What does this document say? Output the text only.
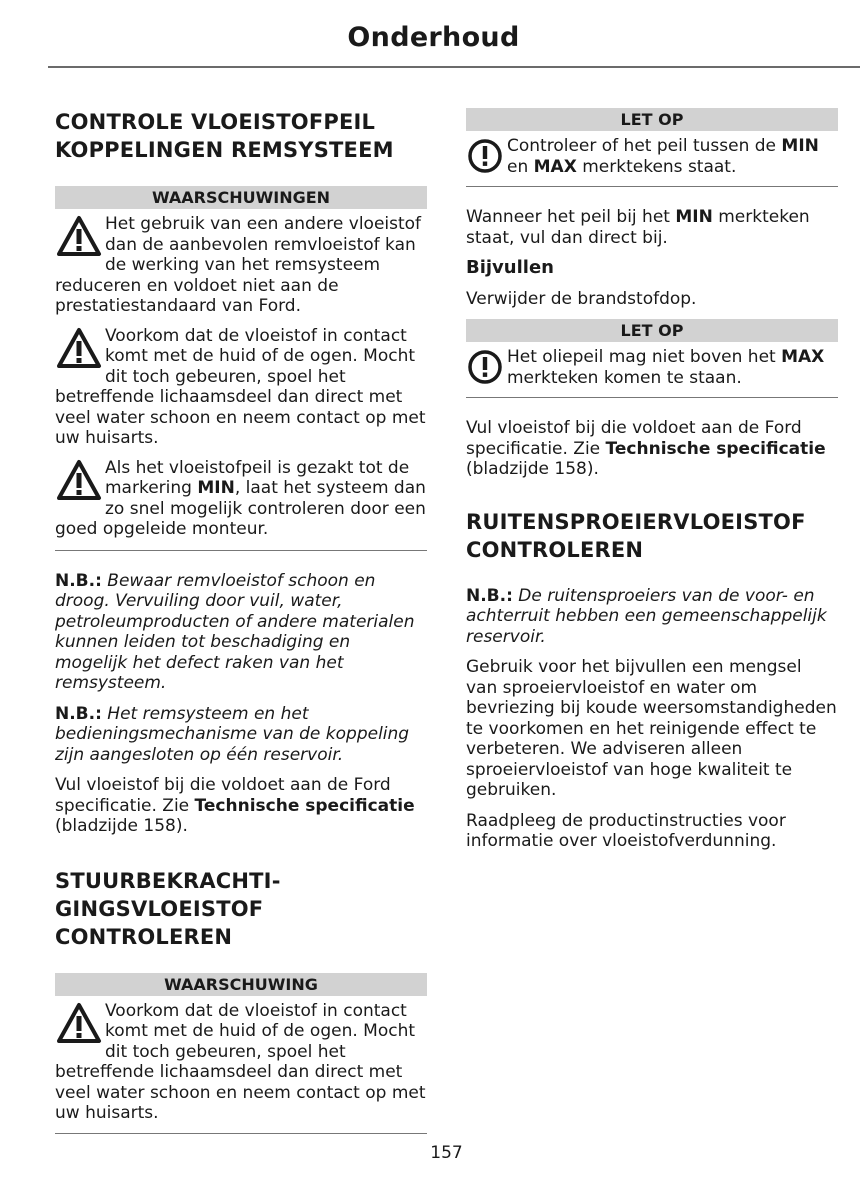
Onderhoud
CONTROLE VLOEISTOFPEIL KOPPELINGEN REMSYSTEEM
WAARSCHUWINGEN
Het gebruik van een andere vloeistof dan de aanbevolen remvloeistof kan de werking van het remsysteem reduceren en voldoet niet aan de prestatiestandaard van Ford.
Voorkom dat de vloeistof in contact komt met de huid of de ogen. Mocht dit toch gebeuren, spoel het betreffende lichaamsdeel dan direct met veel water schoon en neem contact op met uw huisarts.
Als het vloeistofpeil is gezakt tot de markering MIN, laat het systeem dan zo snel mogelijk controleren door een goed opgeleide monteur.

N.B.: Bewaar remvloeistof schoon en droog. Vervuiling door vuil, water, petroleumproducten of andere materialen kunnen leiden tot beschadiging en mogelijk het defect raken van het remsysteem.

N.B.: Het remsysteem en het bedieningsmechanisme van de koppeling zijn aangesloten op één reservoir.

Vul vloeistof bij die voldoet aan de Ford specificatie. Zie Technische specificatie (bladzijde 158).

STUURBEKRACHTI-GINGSVLOEISTOF CONTROLEREN
WAARSCHUWING
Voorkom dat de vloeistof in contact komt met de huid of de ogen. Mocht dit toch gebeuren, spoel het betreffende lichaamsdeel dan direct met veel water schoon en neem contact op met uw huisarts.
LET OP
Controleer of het peil tussen de MIN en MAX merktekens staat.

Wanneer het peil bij het MIN merkteken staat, vul dan direct bij.

Bijvullen

Verwijder de brandstofdop.

LET OP
Het oliepeil mag niet boven het MAX merkteken komen te staan.

Vul vloeistof bij die voldoet aan de Ford specificatie. Zie Technische specificatie (bladzijde 158).

RUITENSPROEIERVLOEISTOF CONTROLEREN

N.B.: De ruitensproeiers van de voor- en achterruit hebben een gemeenschappelijk reservoir.

Gebruik voor het bijvullen een mengsel van sproeiervloeistof en water om bevriezing bij koude weersomstandigheden te voorkomen en het reinigende effect te verbeteren. We adviseren alleen sproeiervloeistof van hoge kwaliteit te gebruiken.

Raadpleeg de productinstructies voor informatie over vloeistofverdunning.

157
